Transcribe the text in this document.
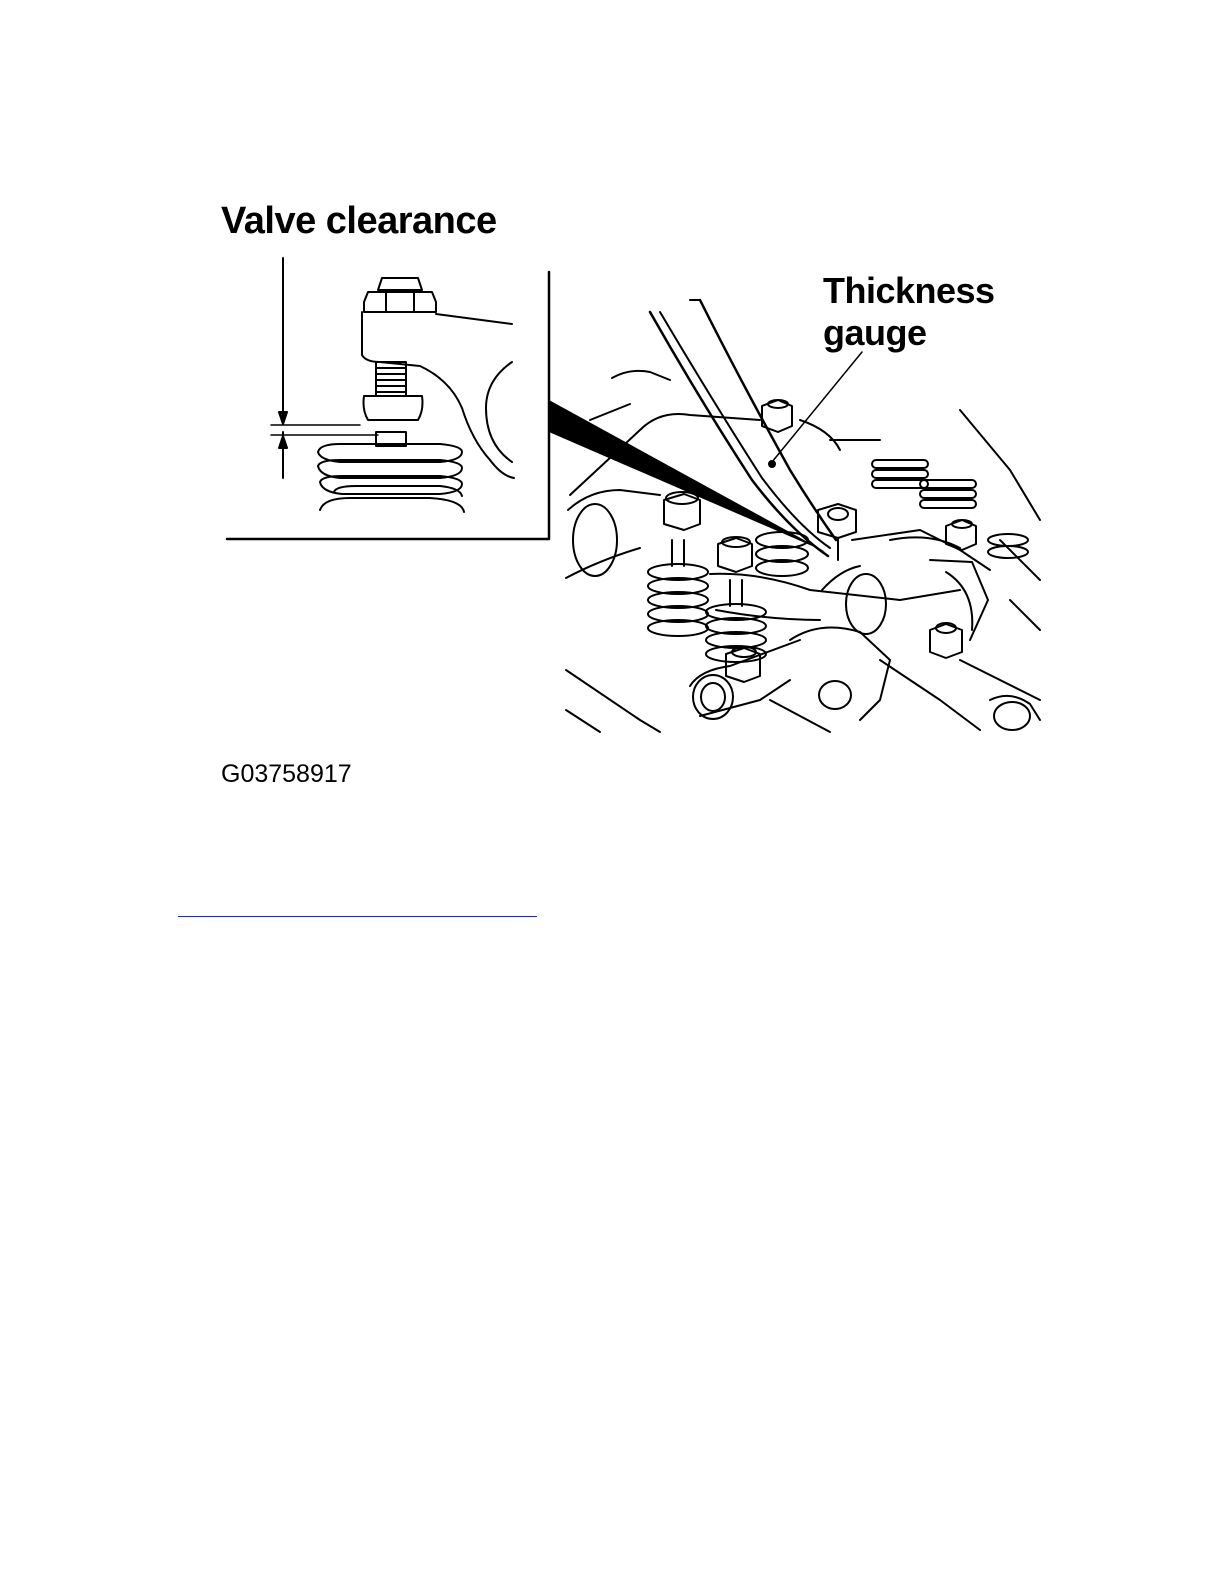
Valve clearance
Thickness
gauge
G03758917
